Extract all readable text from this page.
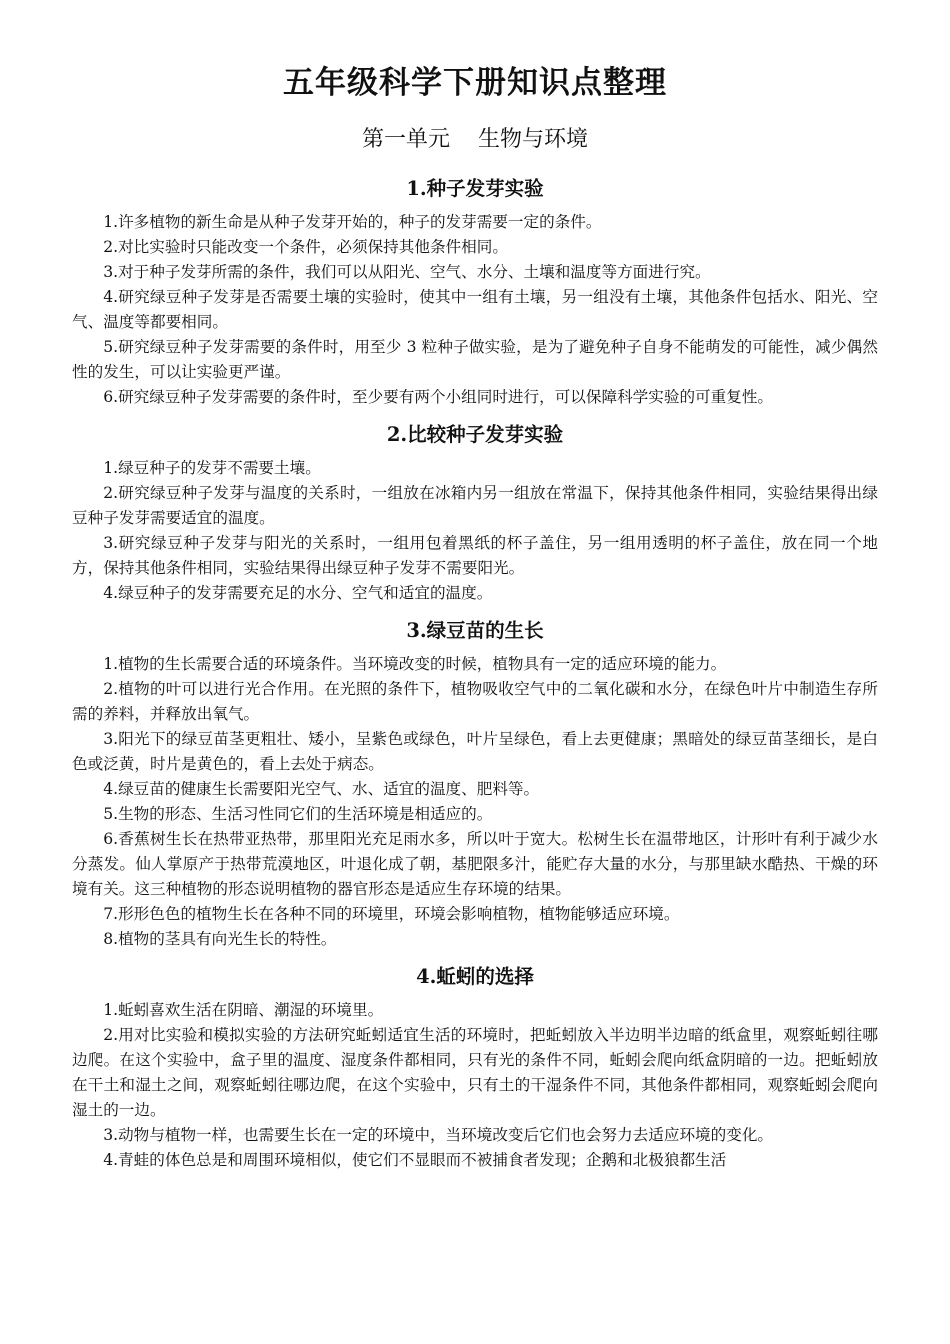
五年级科学下册知识点整理
第一单元 生物与环境
1.种子发芽实验

1.许多植物的新生命是从种子发芽开始的，种子的发芽需要一定的条件。

2.对比实验时只能改变一个条件，必须保持其他条件相同。

3.对于种子发芽所需的条件，我们可以从阳光、空气、水分、土壤和温度等方面进行究。

4.研究绿豆种子发芽是否需要土壤的实验时，使其中一组有土壤，另一组没有土壤，其他条件包括水、阳光、空气、温度等都要相同。

5.研究绿豆种子发芽需要的条件时，用至少 3 粒种子做实验，是为了避免种子自身不能萌发的可能性，减少偶然性的发生，可以让实验更严谨。

6.研究绿豆种子发芽需要的条件时，至少要有两个小组同时进行，可以保障科学实验的可重复性。

2.比较种子发芽实验

1.绿豆种子的发芽不需要土壤。

2.研究绿豆种子发芽与温度的关系时，一组放在冰箱内另一组放在常温下，保持其他条件相同，实验结果得出绿豆种子发芽需要适宜的温度。

3.研究绿豆种子发芽与阳光的关系时，一组用包着黑纸的杯子盖住，另一组用透明的杯子盖住，放在同一个地方，保持其他条件相同，实验结果得出绿豆种子发芽不需要阳光。

4.绿豆种子的发芽需要充足的水分、空气和适宜的温度。

3.绿豆苗的生长

1.植物的生长需要合适的环境条件。当环境改变的时候，植物具有一定的适应环境的能力。

2.植物的叶可以进行光合作用。在光照的条件下，植物吸收空气中的二氧化碳和水分，在绿色叶片中制造生存所需的养料，并释放出氧气。

3.阳光下的绿豆苗茎更粗壮、矮小，呈紫色或绿色，叶片呈绿色，看上去更健康；黑暗处的绿豆苗茎细长，是白色或泛黄，时片是黄色的，看上去处于病态。

4.绿豆苗的健康生长需要阳光空气、水、适宜的温度、肥料等。

5.生物的形态、生活习性同它们的生活环境是相适应的。

6.香蕉树生长在热带亚热带，那里阳光充足雨水多，所以叶于宽大。松树生长在温带地区，计形叶有利于减少水分蒸发。仙人掌原产于热带荒漠地区，叶退化成了朝，基肥限多汁，能贮存大量的水分，与那里缺水酷热、干燥的环境有关。这三种植物的形态说明植物的器官形态是适应生存环境的结果。

7.形形色色的植物生长在各种不同的环境里，环境会影响植物，植物能够适应环境。

8.植物的茎具有向光生长的特性。

4.蚯蚓的选择

1.蚯蚓喜欢生活在阴暗、潮湿的环境里。

2.用对比实验和模拟实验的方法研究蚯蚓适宜生活的环境时，把蚯蚓放入半边明半边暗的纸盒里，观察蚯蚓往哪边爬。在这个实验中，盒子里的温度、湿度条件都相同，只有光的条件不同，蚯蚓会爬向纸盒阴暗的一边。把蚯蚓放在干土和湿土之间，观察蚯蚓往哪边爬，在这个实验中，只有土的干湿条件不同，其他条件都相同，观察蚯蚓会爬向湿土的一边。

3.动物与植物一样，也需要生长在一定的环境中，当环境改变后它们也会努力去适应环境的变化。

4.青蛙的体色总是和周围环境相似，使它们不显眼而不被捕食者发现；企鹅和北极狼都生活
